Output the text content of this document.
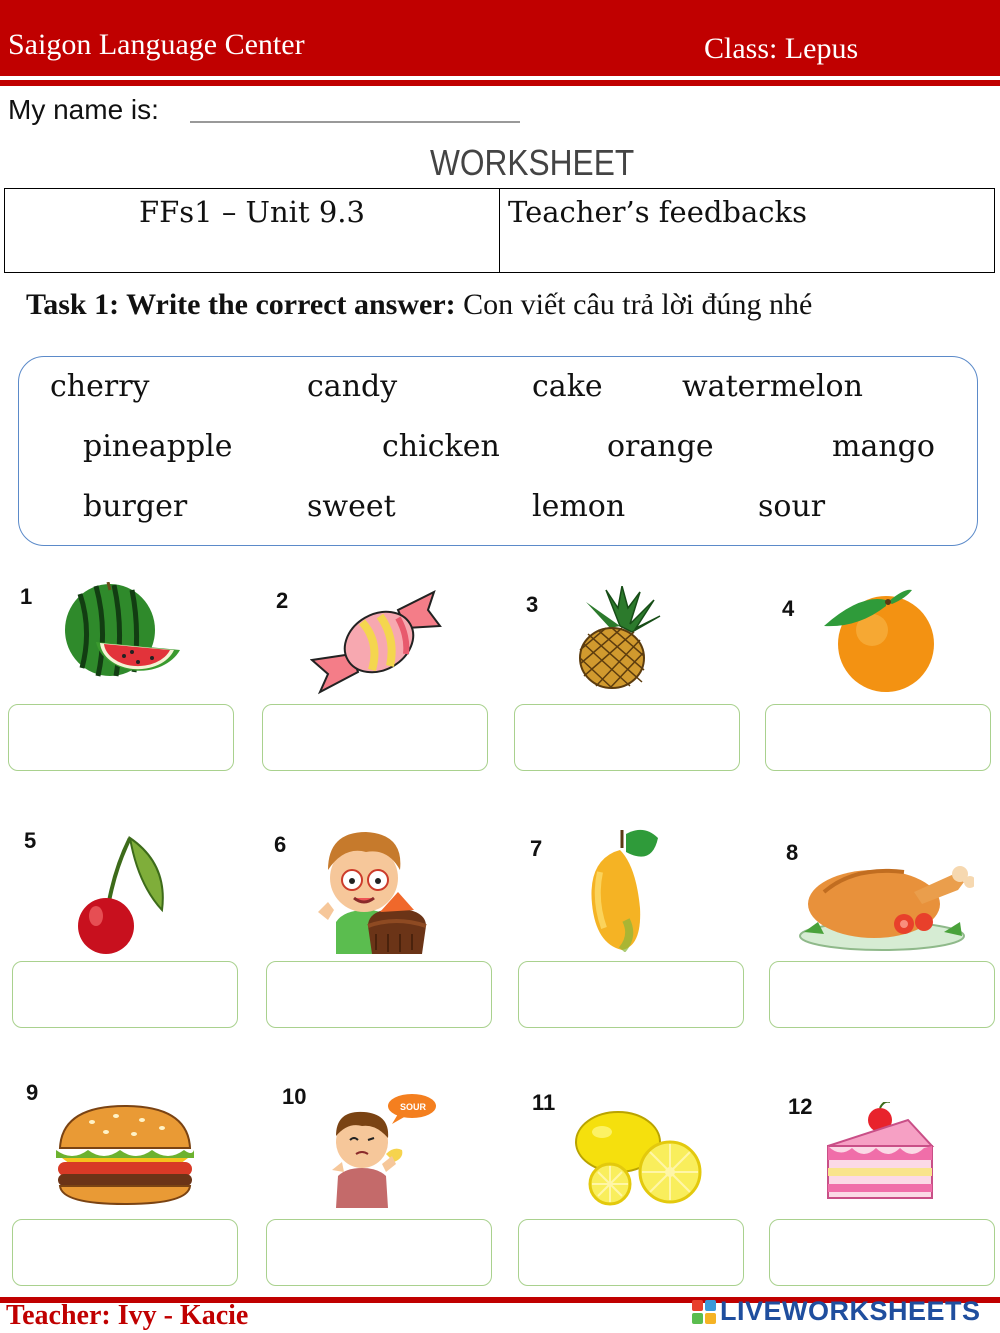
Saigon Language Center	Class: Lepus
My name is:
WORKSHEET
FFs1 – Unit 9.3	Teacher’s feedbacks
Task 1: Write the correct answer: Con viết câu trả lời đúng nhé
cherry	candy	cake	watermelon
pineapple	chicken	orange	mango
burger	sweet	lemon	sour
1	2	3	4
5	6	7	8
9	10	SOUR	11	12
Teacher: Ivy - Kacie	LIVEWORKSHEETS
